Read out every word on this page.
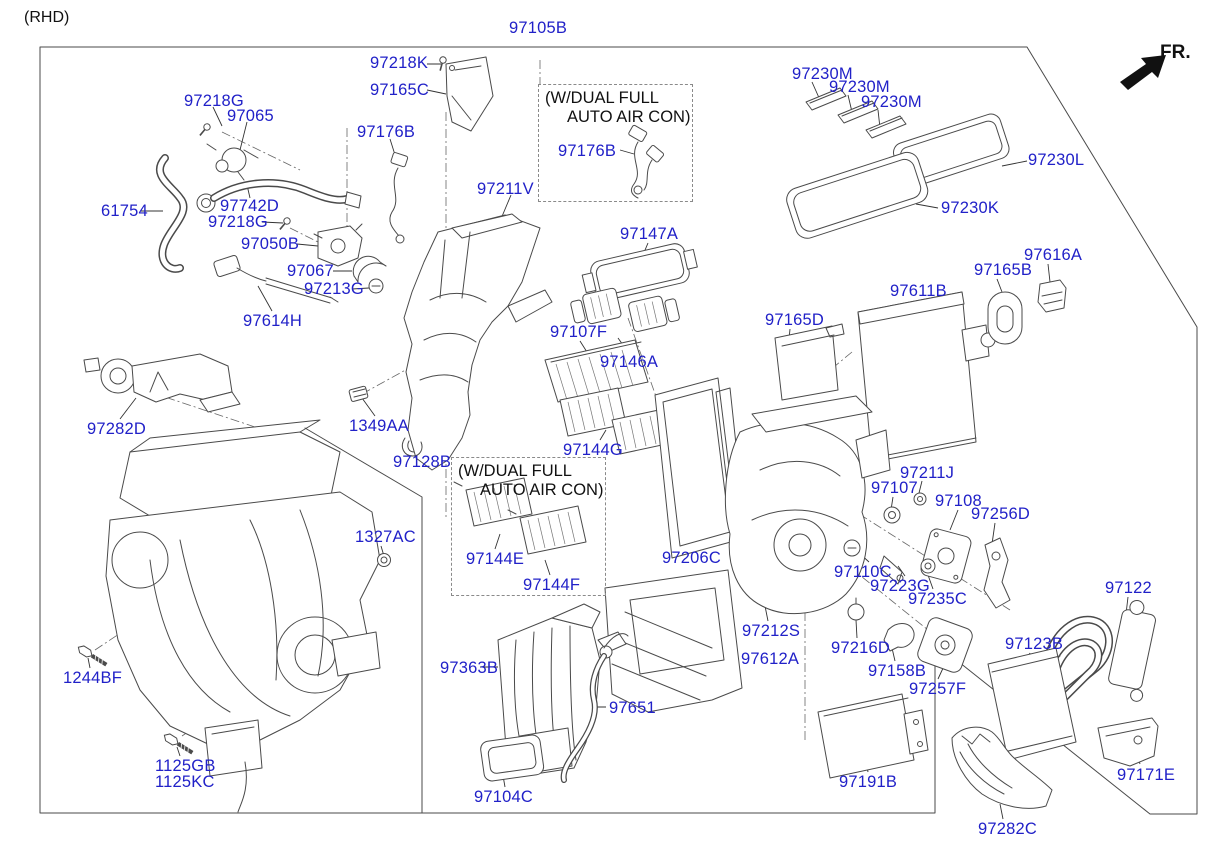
(RHD)
FR.
(W/DUAL FULL
AUTO AIR CON)
(W/DUAL FULL
AUTO AIR CON)
97105B
97218K
97165C
97176B
97211V
97218G
97065
61754	97742D
97218G
97050B
97067
97213G
97614H
97230M
97230M
97230M
97230L
97230K
97147A
97107F
97146A
97165D
97611B
97165B
97616A
97282D	1349AA
97128B
97144G
97176B
97144E
97144F
1327AC
97206C
97211J
97107
97108
97256D
97110C
97223G
97235C
97212S
97612A
97216D
97158B
97257F
97122
97123B
97171E
1244BF
1125GB
1125KC
97363B
97651
97104C
97191B
97282C
